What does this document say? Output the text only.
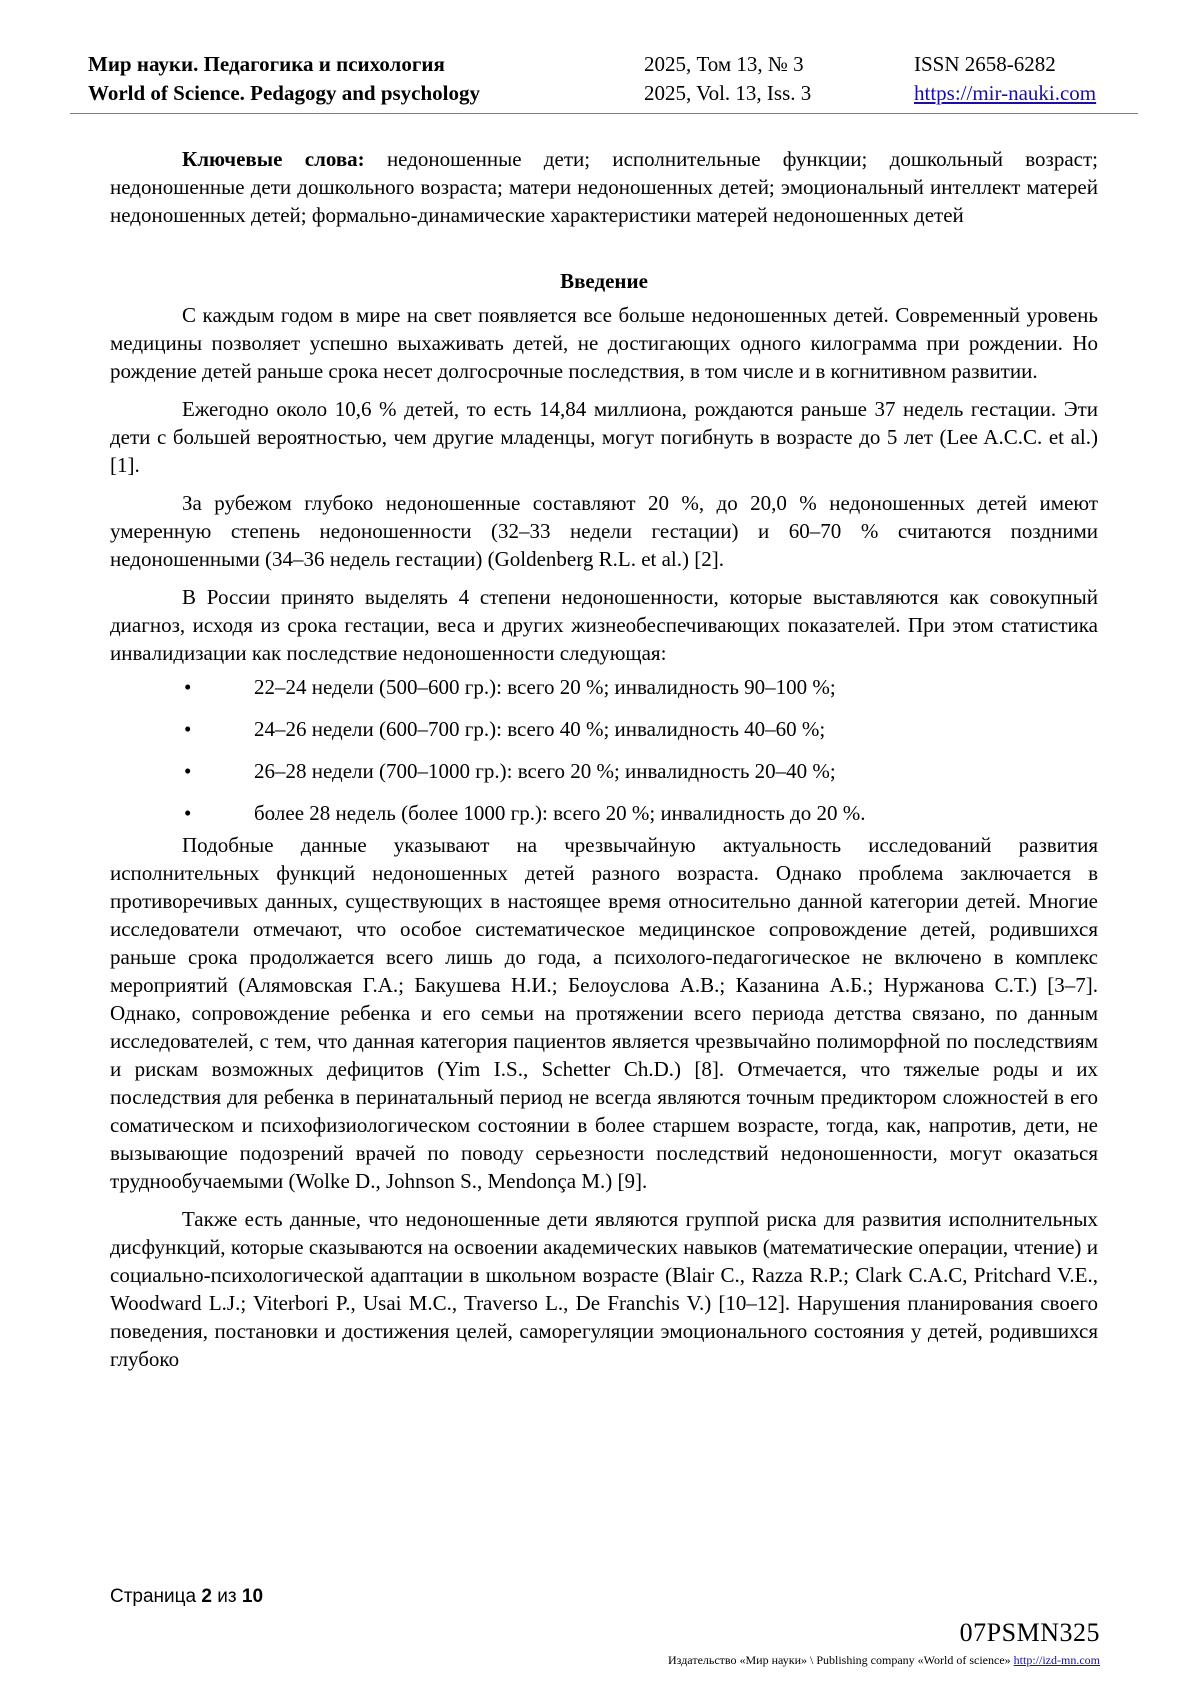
Мир науки. Педагогика и психология
World of Science. Pedagogy and psychology
2025, Том 13, № 3
2025, Vol. 13, Iss. 3
ISSN 2658-6282
https://mir-nauki.com

Ключевые слова: недоношенные дети; исполнительные функции; дошкольный возраст; недоношенные дети дошкольного возраста; матери недоношенных детей; эмоциональный интеллект матерей недоношенных детей; формально-динамические характеристики матерей недоношенных детей

Введение

С каждым годом в мире на свет появляется все больше недоношенных детей. Современный уровень медицины позволяет успешно выхаживать детей, не достигающих одного килограмма при рождении. Но рождение детей раньше срока несет долгосрочные последствия, в том числе и в когнитивном развитии.

Ежегодно около 10,6 % детей, то есть 14,84 миллиона, рождаются раньше 37 недель гестации. Эти дети с большей вероятностью, чем другие младенцы, могут погибнуть в возрасте до 5 лет (Lee A.C.C. et al.) [1].

За рубежом глубоко недоношенные составляют 20 %, до 20,0 % недоношенных детей имеют умеренную степень недоношенности (32–33 недели гестации) и 60–70 % считаются поздними недоношенными (34–36 недель гестации) (Goldenberg R.L. et al.) [2].

В России принято выделять 4 степени недоношенности, которые выставляются как совокупный диагноз, исходя из срока гестации, веса и других жизнеобеспечивающих показателей. При этом статистика инвалидизации как последствие недоношенности следующая:

•	22–24 недели (500–600 гр.): всего 20 %; инвалидность 90–100 %;
•	24–26 недели (600–700 гр.): всего 40 %; инвалидность 40–60 %;
•	26–28 недели (700–1000 гр.): всего 20 %; инвалидность 20–40 %;
•	более 28 недель (более 1000 гр.): всего 20 %; инвалидность до 20 %.

Подобные данные указывают на чрезвычайную актуальность исследований развития исполнительных функций недоношенных детей разного возраста. Однако проблема заключается в противоречивых данных, существующих в настоящее время относительно данной категории детей. Многие исследователи отмечают, что особое систематическое медицинское сопровождение детей, родившихся раньше срока продолжается всего лишь до года, а психолого-педагогическое не включено в комплекс мероприятий (Алямовская Г.А.; Бакушева Н.И.; Белоуслова А.В.; Казанина А.Б.; Нуржанова С.Т.) [3–7]. Однако, сопровождение ребенка и его семьи на протяжении всего периода детства связано, по данным исследователей, с тем, что данная категория пациентов является чрезвычайно полиморфной по последствиям и рискам возможных дефицитов (Yim I.S., Schetter Ch.D.) [8]. Отмечается, что тяжелые роды и их последствия для ребенка в перинатальный период не всегда являются точным предиктором сложностей в его соматическом и психофизиологическом состоянии в более старшем возрасте, тогда, как, напротив, дети, не вызывающие подозрений врачей по поводу серьезности последствий недоношенности, могут оказаться труднообучаемыми (Wolke D., Johnson S., Mendonça M.) [9].

Также есть данные, что недоношенные дети являются группой риска для развития исполнительных дисфункций, которые сказываются на освоении академических навыков (математические операции, чтение) и социально-психологической адаптации в школьном возрасте (Blair C., Razza R.P.; Clark C.A.C, Pritchard V.E., Woodward L.J.; Viterbori P., Usai M.C., Traverso L., De Franchis V.) [10–12]. Нарушения планирования своего поведения, постановки и достижения целей, саморегуляции эмоционального состояния у детей, родившихся глубоко

Страница 2 из 10
07PSMN325
Издательство «Мир науки» \ Publishing company «World of science» http://izd-mn.com
